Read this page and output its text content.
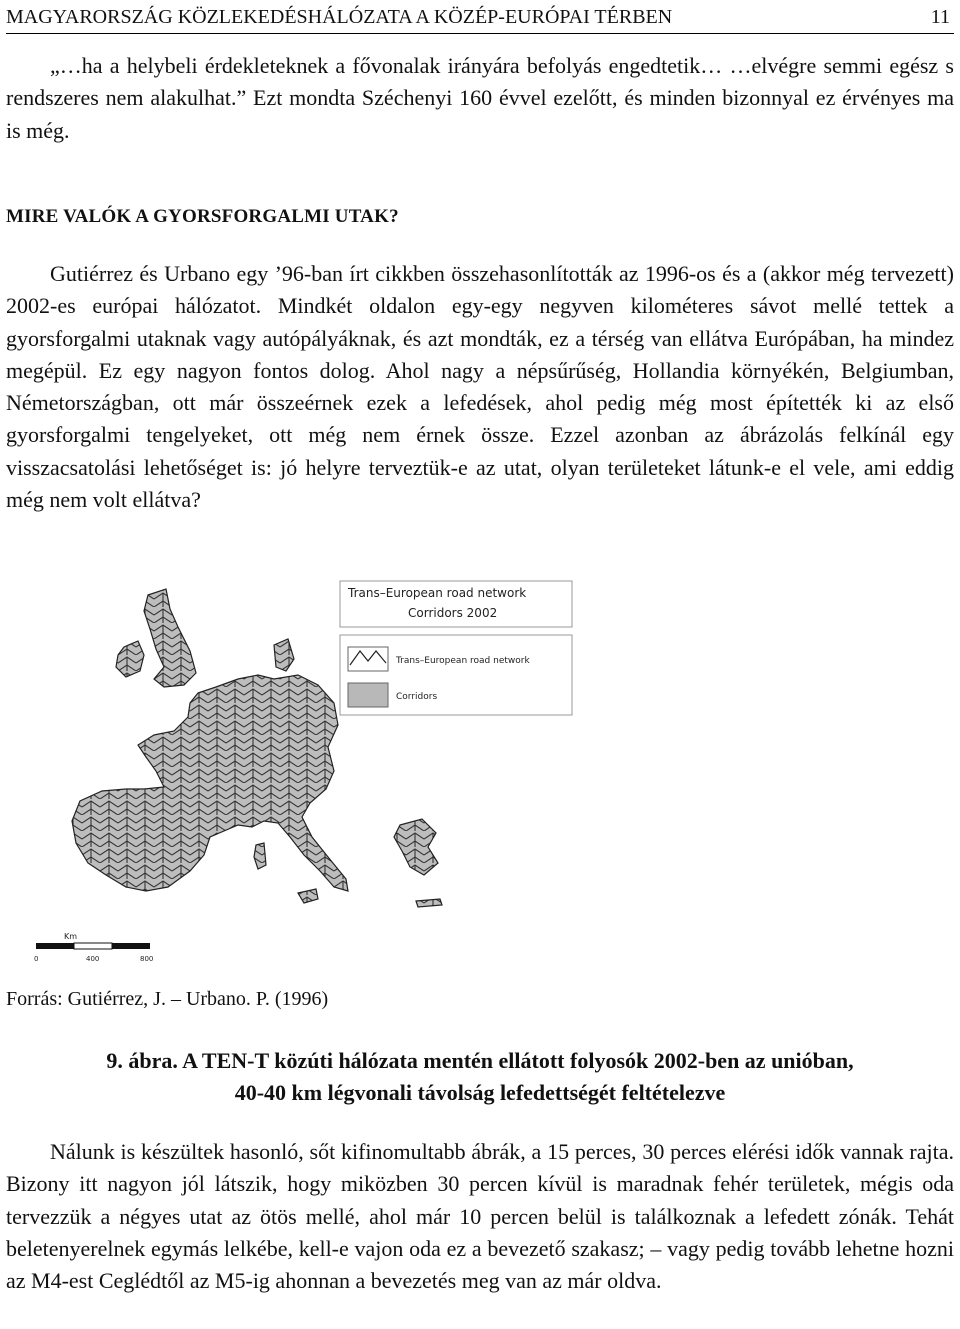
MAGYARORSZÁG KÖZLEKEDÉSHÁLÓZATA A KÖZÉP-EURÓPAI TÉRBEN	11

„…ha a helybeli érdekleteknek a fővonalak irányára befolyás engedtetik… …elvégre semmi egész s rendszeres nem alakulhat.” Ezt mondta Széchenyi 160 évvel ezelőtt, és minden bizonnyal ez érvényes ma is még.

MIRE VALÓK A GYORSFORGALMI UTAK?

Gutiérrez és Urbano egy ’96-ban írt cikkben összehasonlították az 1996-os és a (akkor még tervezett) 2002-es európai hálózatot. Mindkét oldalon egy-egy negyven kilométeres sávot mellé tettek a gyorsforgalmi utaknak vagy autópályáknak, és azt mondták, ez a térség van ellátva Európában, ha mindez megépül. Ez egy nagyon fontos dolog. Ahol nagy a népsűrűség, Hollandia környékén, Belgiumban, Németországban, ott már összeérnek ezek a lefedések, ahol pedig még most építették ki az első gyorsforgalmi tengelyeket, ott még nem érnek össze. Ezzel azonban az ábrázolás felkínál egy visszacsatolási lehetőséget is: jó helyre terveztük-e az utat, olyan területeket látunk-e el vele, ami eddig még nem volt ellátva?

Trans–European road network
Corridors 2002
Trans–European road network
Corridors
Km
0	400	800

Forrás: Gutiérrez, J. – Urbano. P. (1996)

9. ábra. A TEN-T közúti hálózata mentén ellátott folyosók 2002-ben az unióban,
40-40 km légvonali távolság lefedettségét feltételezve

Nálunk is készültek hasonló, sőt kifinomultabb ábrák, a 15 perces, 30 perces elérési idők vannak rajta. Bizony itt nagyon jól látszik, hogy miközben 30 percen kívül is maradnak fehér területek, mégis oda tervezzük a négyes utat az ötös mellé, ahol már 10 percen belül is találkoznak a lefedett zónák. Tehát beletenyerelnek egymás lelkébe, kell-e vajon oda ez a bevezető szakasz; – vagy pedig tovább lehetne hozni az M4-est Ceglédtől az M5-ig ahonnan a bevezetés meg van az már oldva.
